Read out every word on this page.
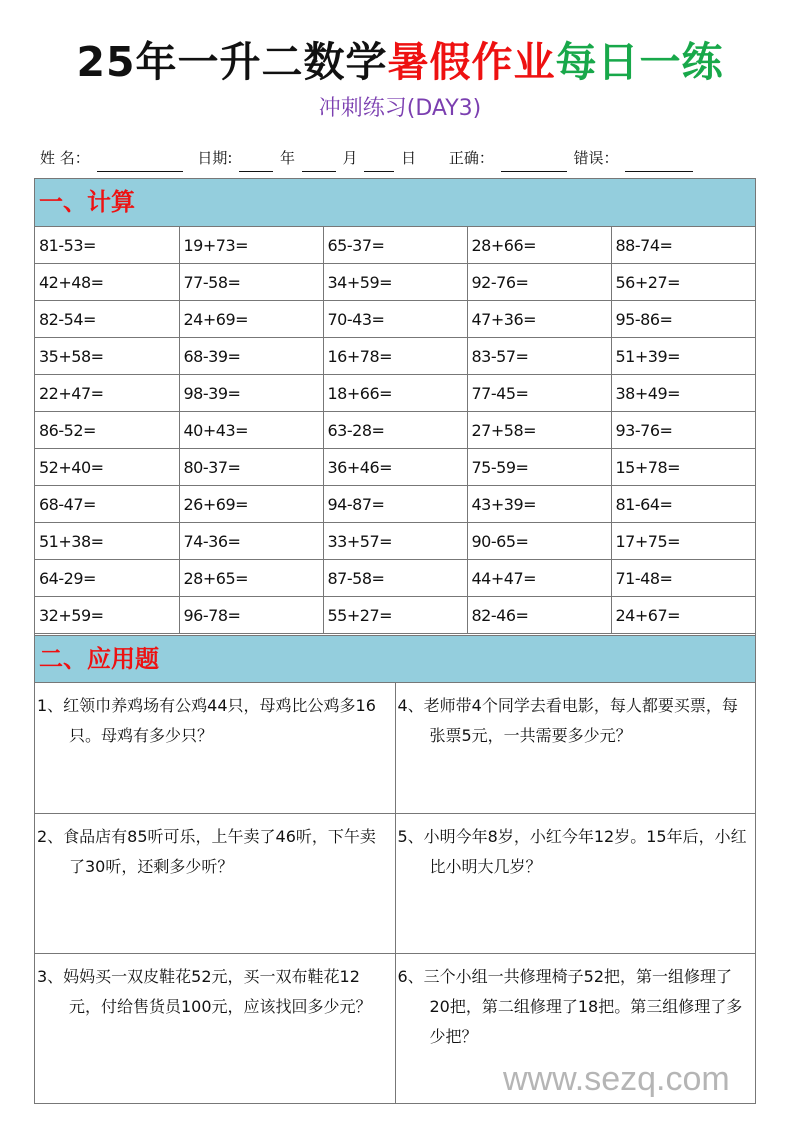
25年一升二数学暑假作业每日一练
冲刺练习(DAY3)
姓 名：	日期:	年	月	日 正确：	错误：
一、计算
81-53=	19+73=	65-37=	28+66=	88-74=
42+48=	77-58=	34+59=	92-76=	56+27=
82-54=	24+69=	70-43=	47+36=	95-86=
35+58=	68-39=	16+78=	83-57=	51+39=
22+47=	98-39=	18+66=	77-45=	38+49=
86-52=	40+43=	63-28=	27+58=	93-76=
52+40=	80-37=	36+46=	75-59=	15+78=
68-47=	26+69=	94-87=	43+39=	81-64=
51+38=	74-36=	33+57=	90-65=	17+75=
64-29=	28+65=	87-58=	44+47=	71-48=
32+59=	96-78=	55+27=	82-46=	24+67=
二、应用题
1、红领巾养鸡场有公鸡44只，母鸡比公鸡多16只。母鸡有多少只？	4、老师带4个同学去看电影，每人都要买票，每张票5元，一共需要多少元？

2、食品店有85听可乐，上午卖了46听，下午卖了30听，还剩多少听？	5、小明今年8岁，小红今年12岁。15年后，小红比小明大几岁？

3、妈妈买一双皮鞋花52元，买一双布鞋花12元，付给售货员100元，应该找回多少元？	6、三个小组一共修理椅子52把，第一组修理了20把，第二组修理了18把。第三组修理了多少把？
www.sezq.com
